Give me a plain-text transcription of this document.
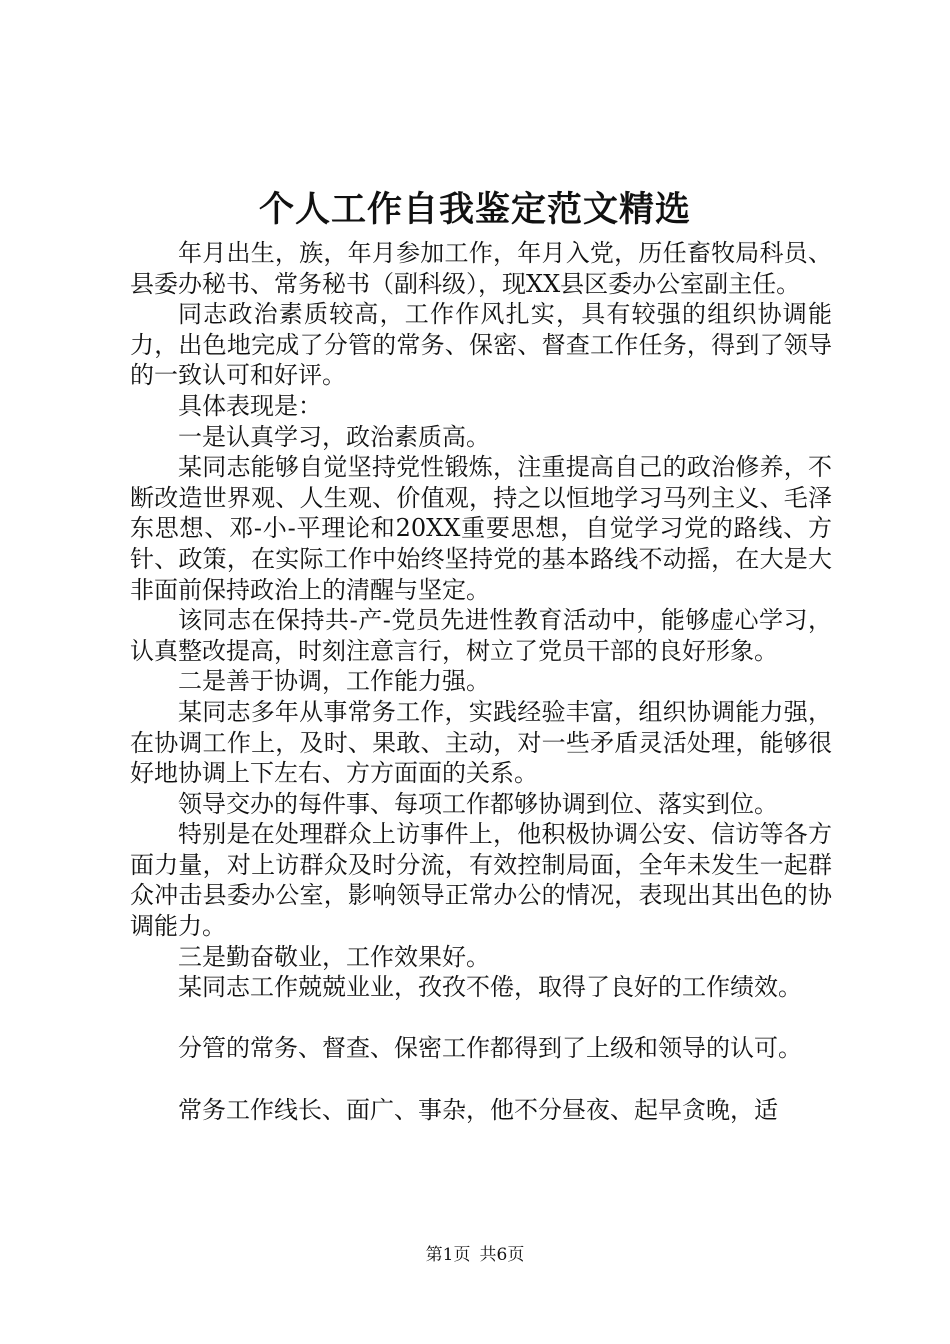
个人工作自我鉴定范文精选

年月出生，族，年月参加工作，年月入党，历任畜牧局科员、县委办秘书、常务秘书（副科级），现XX县区委办公室副主任。

同志政治素质较高，工作作风扎实，具有较强的组织协调能力，出色地完成了分管的常务、保密、督查工作任务，得到了领导的一致认可和好评。

具体表现是：

一是认真学习，政治素质高。

某同志能够自觉坚持党性锻炼，注重提高自己的政治修养，不断改造世界观、人生观、价值观，持之以恒地学习马列主义、毛泽东思想、邓-小-平理论和20XX重要思想，自觉学习党的路线、方针、政策，在实际工作中始终坚持党的基本路线不动摇，在大是大非面前保持政治上的清醒与坚定。

该同志在保持共-产-党员先进性教育活动中，能够虚心学习，认真整改提高，时刻注意言行，树立了党员干部的良好形象。

二是善于协调，工作能力强。

某同志多年从事常务工作，实践经验丰富，组织协调能力强，在协调工作上，及时、果敢、主动，对一些矛盾灵活处理，能够很好地协调上下左右、方方面面的关系。

领导交办的每件事、每项工作都够协调到位、落实到位。

特别是在处理群众上访事件上，他积极协调公安、信访等各方面力量，对上访群众及时分流，有效控制局面，全年未发生一起群众冲击县委办公室，影响领导正常办公的情况，表现出其出色的协调能力。

三是勤奋敬业，工作效果好。

某同志工作兢兢业业，孜孜不倦，取得了良好的工作绩效。

分管的常务、督查、保密工作都得到了上级和领导的认可。

常务工作线长、面广、事杂，他不分昼夜、起早贪晚，适

第1页 共6页
